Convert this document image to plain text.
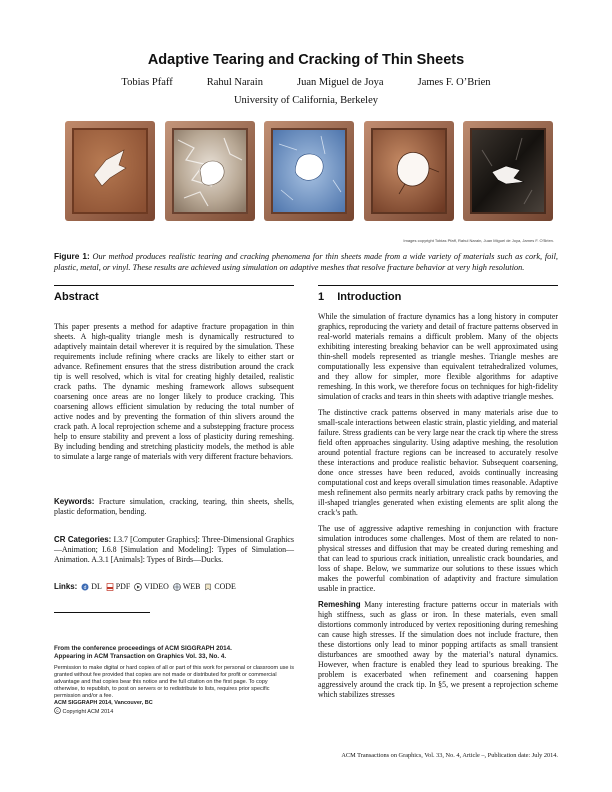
Adaptive Tearing and Cracking of Thin Sheets
Tobias Pfaff	Rahul Narain	Juan Miguel de Joya	James F. O’Brien
University of California, Berkeley
Images copyright Tobias Pfaff, Rahul Narain, Juan Miguel de Joya, James F. O’Brien.
Figure 1: Our method produces realistic tearing and cracking phenomena for thin sheets made from a wide variety of materials such as cork, foil, plastic, metal, or vinyl. These results are achieved using simulation on adaptive meshes that resolve fracture behavior at very high resolution.
Abstract

This paper presents a method for adaptive fracture propagation in thin sheets. A high-quality triangle mesh is dynamically restructured to adaptively maintain detail wherever it is required by the simulation. These requirements include refining where cracks are likely to either start or advance. Refinement ensures that the stress distribution around the crack tip is well resolved, which is vital for creating highly detailed, realistic crack paths. The dynamic meshing framework allows subsequent coarsening once areas are no longer likely to produce cracking. This coarsening allows efficient simulation by reducing the total number of active nodes and by preventing the formation of thin slivers around the crack path. A local reprojection scheme and a substepping fracture process help to ensure stability and prevent a loss of plasticity during remeshing. By including bending and stretching plasticity models, the method is able to simulate a large range of materials with very different fracture behaviors.

Keywords: Fracture simulation, cracking, tearing, thin sheets, shells, plastic deformation, bending.
CR Categories: I.3.7 [Computer Graphics]: Three-Dimensional Graphics—Animation; I.6.8 [Simulation and Modeling]: Types of Simulation—Animation. A.3.1 [Animals]: Types of Birds—Ducks.
Links: d DL PDF VIDEO WEB CODE
From the conference proceedings of ACM SIGGRAPH 2014.
Appearing in ACM Transaction on Graphics Vol. 33, No. 4.
Permission to make digital or hard copies of all or part of this work for personal or classroom use is granted without fee provided that copies are not made or distributed for profit or commercial advantage and that copies bear this notice and the full citation on the first page. To copy otherwise, to republish, to post on servers or to redistribute to lists, requires prior specific permission and/or a fee.
ACM SIGGRAPH 2014, Vancouver, BC
c Copyright ACM 2014
1 Introduction

While the simulation of fracture dynamics has a long history in computer graphics, reproducing the variety and detail of fracture patterns observed in real-world materials remains a difficult problem. Many of the objects exhibiting interesting breaking behavior can be well approximated using thin-shell models represented as triangle meshes. Triangle meshes are computationally less expensive than equivalent tetrahedralized volumes, and they allow for simpler, more flexible algorithms for adaptive remeshing. In this work, we therefore focus on techniques for high-fidelity simulation of cracks and tears in thin sheets with adaptive triangle meshes.

The distinctive crack patterns observed in many materials arise due to small-scale interactions between elastic strain, plastic yielding, and material failure. Stress gradients can be very large near the crack tip where the stress field often approaches singularity. Using adaptive meshing, the resolution around potential fracture regions can be increased to accurately resolve these interactions and produce realistic behavior. Subsequent coarsening, done once stresses have been reduced, avoids continually increasing computational cost and keeps overall simulation times reasonable. Adaptive mesh refinement also permits nearly arbitrary crack paths by removing the ill-shaped triangles generated when existing elements are split along the crack’s path.

The use of aggressive adaptive remeshing in conjunction with fracture simulation introduces some challenges. Most of them are related to non-physical stresses and diffusion that may be created during remeshing and that can lead to spurious crack initiation, unrealistic crack boundaries, and loss of shape. Below, we summarize our solutions to these issues which makes the powerful combination of adaptivity and fracture simulation usable in practice.

Remeshing Many interesting fracture patterns occur in materials with high stiffness, such as glass or iron. In these materials, even small distortions commonly introduced by vertex repositioning during remeshing can cause high stresses. If the simulation does not include fracture, then these distortions only lead to minor popping artifacts as small transient disturbances are smoothed away by the material’s natural dynamics. However, when fracture is enabled they lead to spurious breaking. The problem is exacerbated when refinement and coarsening happen aggressively around the crack tip. In §5, we present a reprojection scheme which stabilizes stresses

ACM Transactions on Graphics, Vol. 33, No. 4, Article –, Publication date: July 2014.
